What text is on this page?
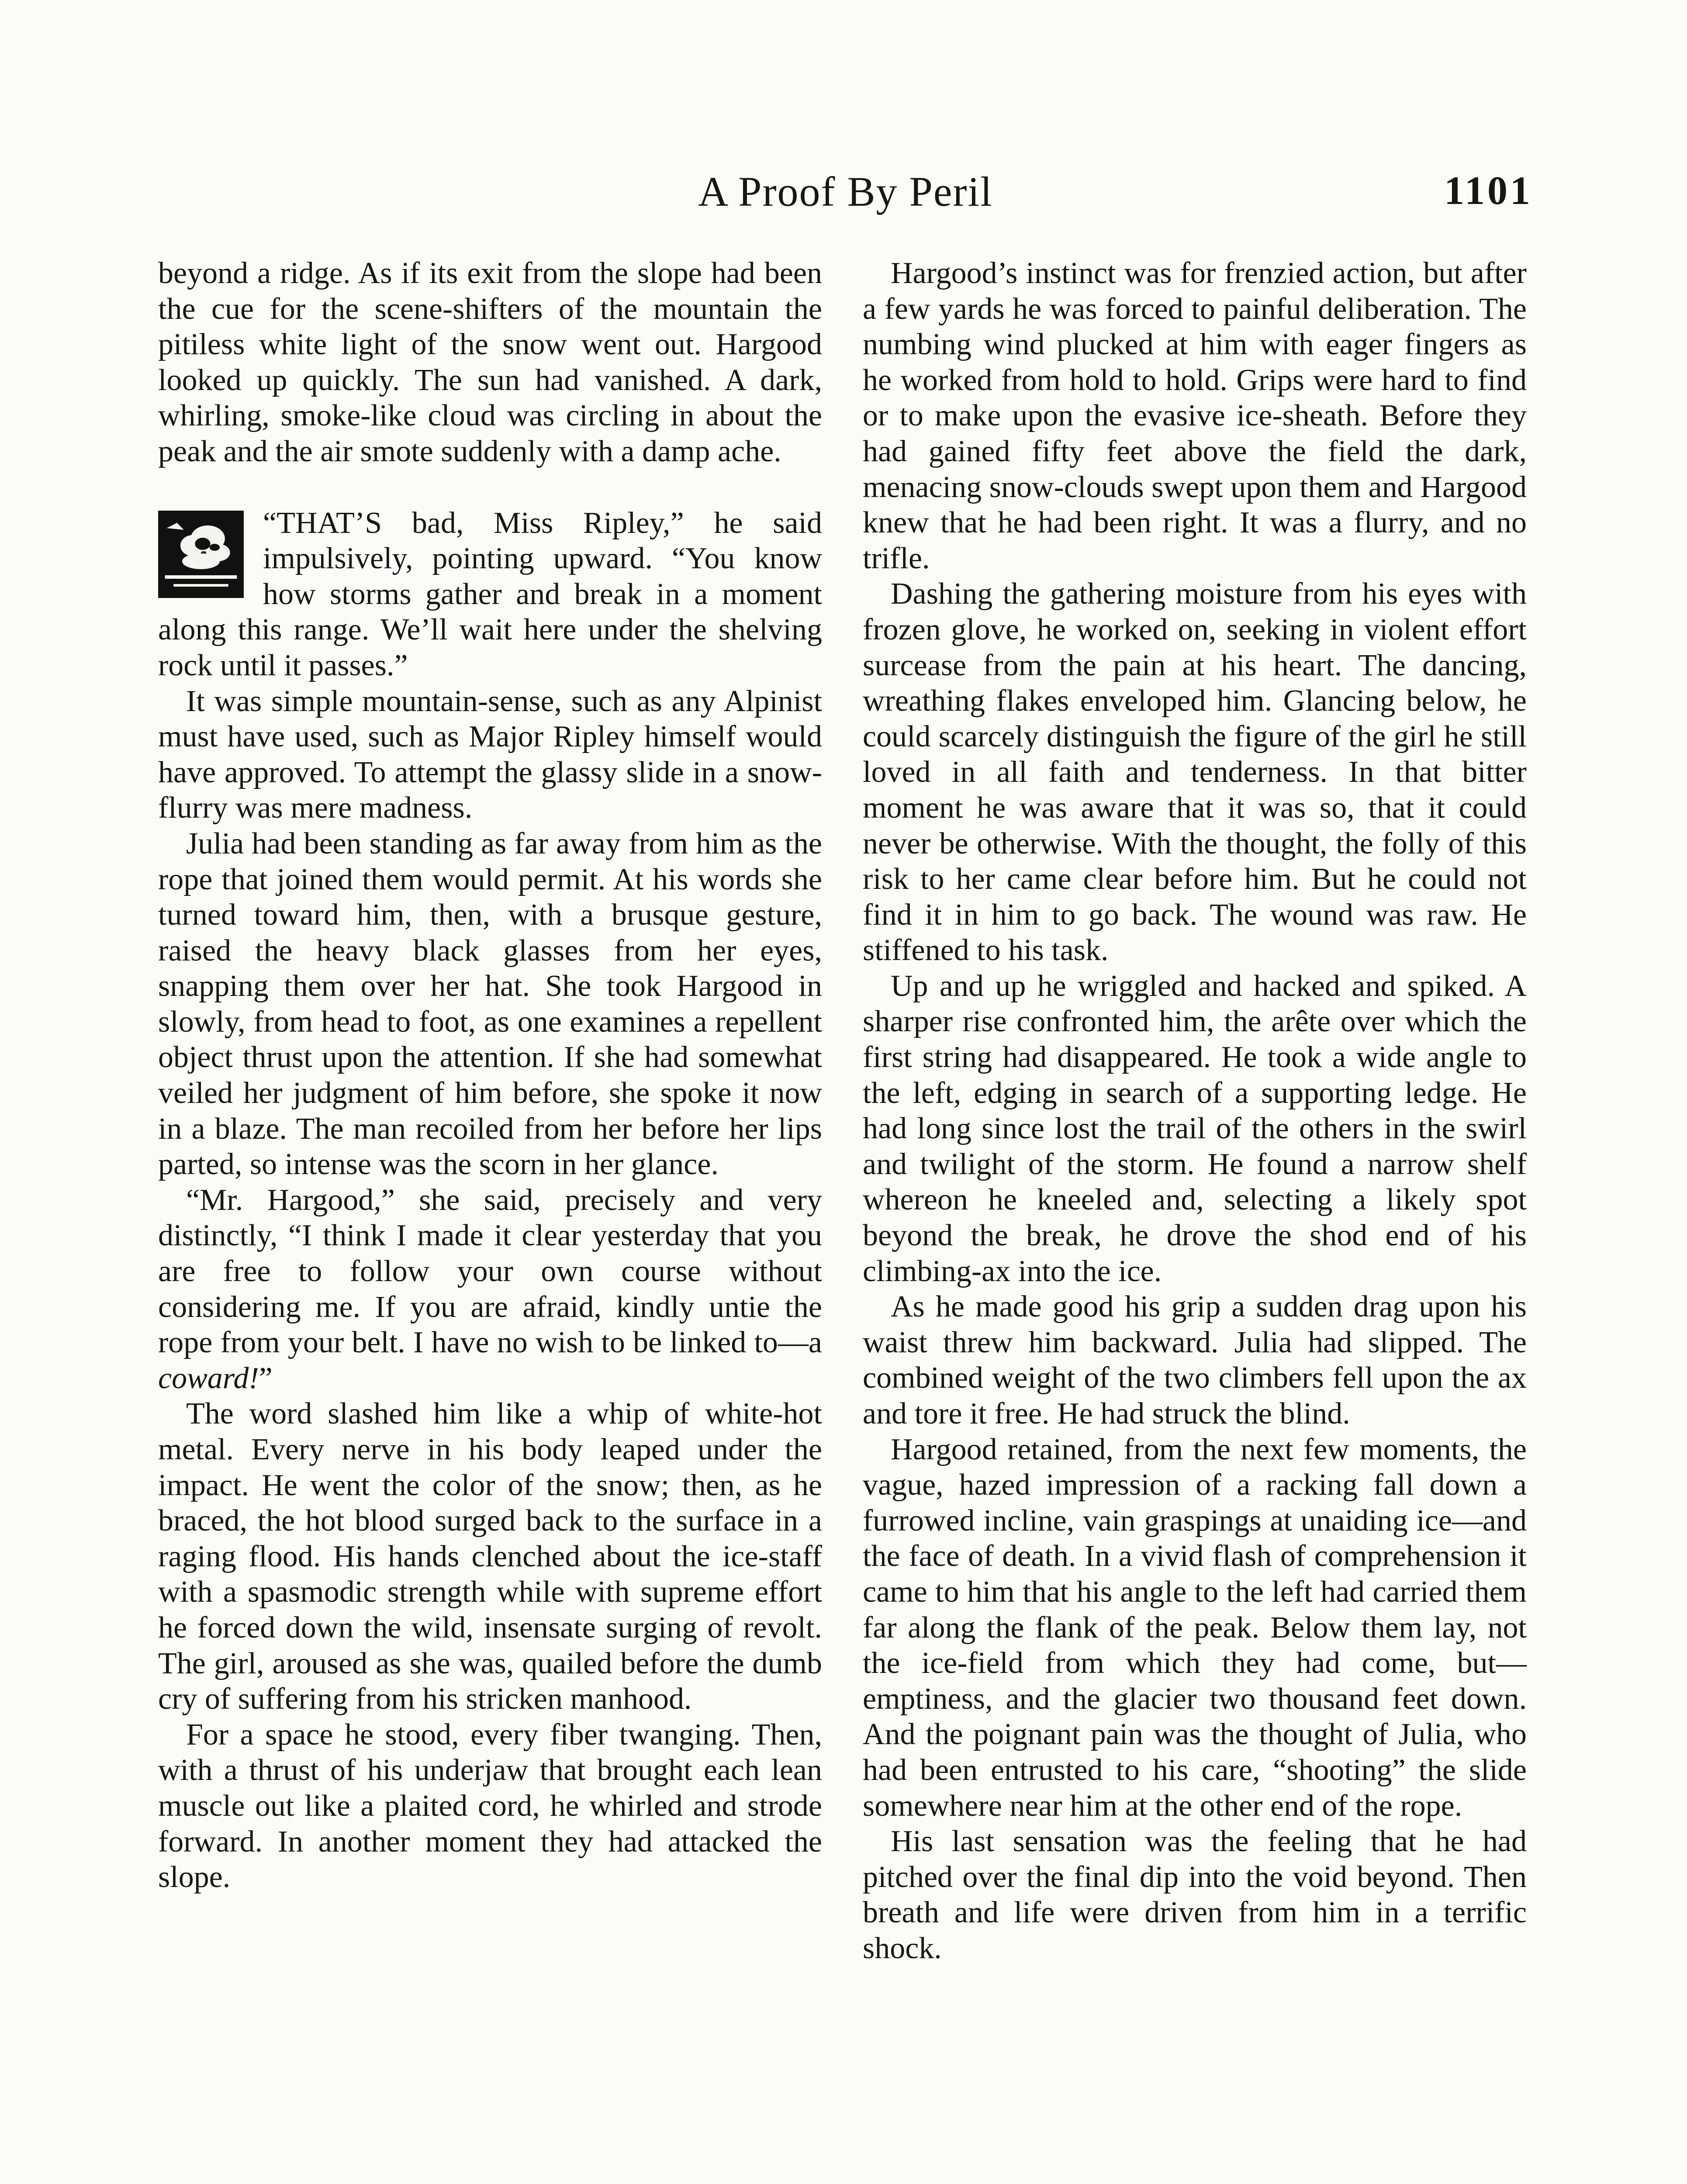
A Proof By Peril	1101

beyond a ridge. As if its exit from the slope had been the cue for the scene-shifters of the mountain the pitiless white light of the snow went out. Hargood looked up quickly. The sun had vanished. A dark, whirling, smoke-like cloud was circling in about the peak and the air smote suddenly with a damp ache.

“THAT’S bad, Miss Ripley,” he said impulsively, pointing upward. “You know how storms gather and break in a moment along this range. We’ll wait here under the shelving rock until it passes.”

It was simple mountain-sense, such as any Alpinist must have used, such as Major Ripley himself would have approved. To attempt the glassy slide in a snow-flurry was mere madness.

Julia had been standing as far away from him as the rope that joined them would permit. At his words she turned toward him, then, with a brusque gesture, raised the heavy black glasses from her eyes, snapping them over her hat. She took Hargood in slowly, from head to foot, as one examines a repellent object thrust upon the attention. If she had somewhat veiled her judgment of him before, she spoke it now in a blaze. The man recoiled from her before her lips parted, so intense was the scorn in her glance.

“Mr. Hargood,” she said, precisely and very distinctly, “I think I made it clear yesterday that you are free to follow your own course without considering me. If you are afraid, kindly untie the rope from your belt. I have no wish to be linked to—a coward!”

The word slashed him like a whip of white-hot metal. Every nerve in his body leaped under the impact. He went the color of the snow; then, as he braced, the hot blood surged back to the surface in a raging flood. His hands clenched about the ice-staff with a spasmodic strength while with supreme effort he forced down the wild, insensate surging of revolt. The girl, aroused as she was, quailed before the dumb cry of suffering from his stricken manhood.

For a space he stood, every fiber twanging. Then, with a thrust of his underjaw that brought each lean muscle out like a plaited cord, he whirled and strode forward. In another moment they had attacked the slope.

Hargood’s instinct was for frenzied action, but after a few yards he was forced to painful deliberation. The numbing wind plucked at him with eager fingers as he worked from hold to hold. Grips were hard to find or to make upon the evasive ice-sheath. Before they had gained fifty feet above the field the dark, menacing snow-clouds swept upon them and Hargood knew that he had been right. It was a flurry, and no trifle.

Dashing the gathering moisture from his eyes with frozen glove, he worked on, seeking in violent effort surcease from the pain at his heart. The dancing, wreathing flakes enveloped him. Glancing below, he could scarcely distinguish the figure of the girl he still loved in all faith and tenderness. In that bitter moment he was aware that it was so, that it could never be otherwise. With the thought, the folly of this risk to her came clear before him. But he could not find it in him to go back. The wound was raw. He stiffened to his task.

Up and up he wriggled and hacked and spiked. A sharper rise confronted him, the arête over which the first string had disappeared. He took a wide angle to the left, edging in search of a supporting ledge. He had long since lost the trail of the others in the swirl and twilight of the storm. He found a narrow shelf whereon he kneeled and, selecting a likely spot beyond the break, he drove the shod end of his climbing-ax into the ice.

As he made good his grip a sudden drag upon his waist threw him backward. Julia had slipped. The combined weight of the two climbers fell upon the ax and tore it free. He had struck the blind.

Hargood retained, from the next few moments, the vague, hazed impression of a racking fall down a furrowed incline, vain graspings at unaiding ice—and the face of death. In a vivid flash of comprehension it came to him that his angle to the left had carried them far along the flank of the peak. Below them lay, not the ice-field from which they had come, but—emptiness, and the glacier two thousand feet down. And the poignant pain was the thought of Julia, who had been entrusted to his care, “shooting” the slide somewhere near him at the other end of the rope.

His last sensation was the feeling that he had pitched over the final dip into the void beyond. Then breath and life were driven from him in a terrific shock.
